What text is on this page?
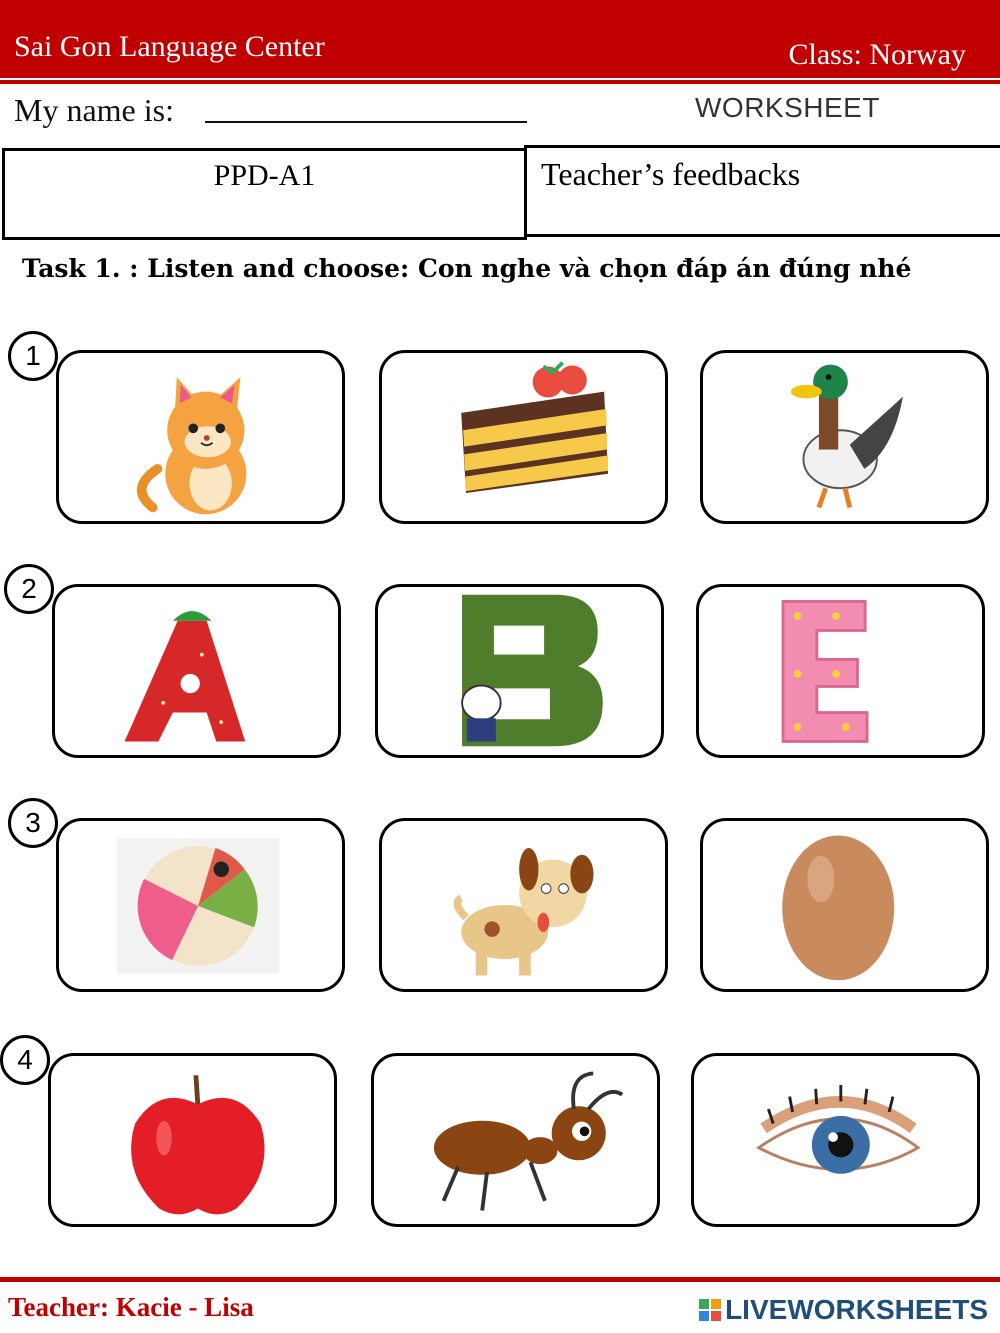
Sai Gon Language Center	Class: Norway
My name is:	WORKSHEET
PPD-A1	Teacher’s feedbacks
Task 1. : Listen and choose: Con nghe và chọn đáp án đúng nhé
1
2
3
4
Teacher: Kacie - Lisa	LIVEWORKSHEETS
